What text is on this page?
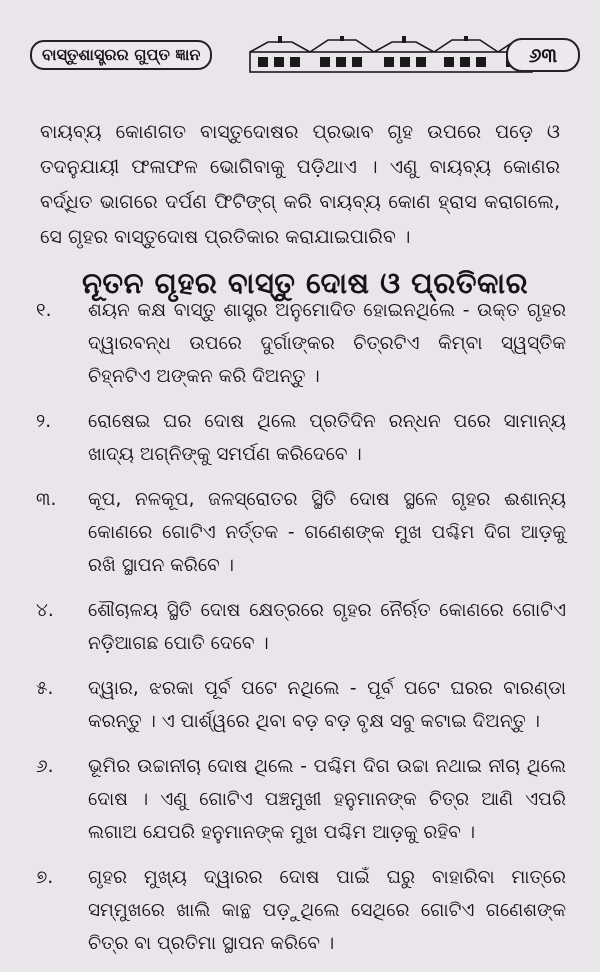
ବାସ୍ତୁଶାସ୍ତ୍ରର ଗୁପ୍ତ ଜ୍ଞାନ	୬୩

ବାୟବ୍ୟ କୋଣଗତ ବାସ୍ତୁଦୋଷର ପ୍ରଭାବ ଗୃହ ଉପରେ ପଡ଼େ ଓ ତଦନୁଯାୟୀ ଫଳାଫଳ ଭୋଗିବାକୁ ପଡ଼ିଥାଏ । ଏଣୁ ବାୟବ୍ୟ କୋଣର ବର୍ଦ୍ଧିତ ଭାଗରେ ଦର୍ପଣ ଫିଟିଙ୍ଗ୍ କରି ବାୟବ୍ୟ କୋଣ ହ୍ରାସ କରାଗଲେ, ସେ ଗୃହର ବାସ୍ତୁଦୋଷ ପ୍ରତିକାର କରାଯାଇପାରିବ ।

ନୂତନ ଗୃହର ବାସ୍ତୁ ଦୋଷ ଓ ପ୍ରତିକାର
୧.	ଶୟନ କକ୍ଷ ବାସ୍ତୁ ଶାସ୍ତ୍ର ଅନୁମୋଦିତ ହୋଇନଥିଲେ - ଉକ୍ତ ଗୃହର ଦ୍ୱାରବନ୍ଧ ଉପରେ ଦୁର୍ଗାଙ୍କର ଚିତ୍ରଟିଏ କିମ୍ବା ସ୍ୱସ୍ତିକ ଚିହ୍ନଟିଏ ଅଙ୍କନ କରି ଦିଅନ୍ତୁ ।
୨.	ରୋଷେଇ ଘର ଦୋଷ ଥିଲେ ପ୍ରତିଦିନ ରନ୍ଧନ ପରେ ସାମାନ୍ୟ ଖାଦ୍ୟ ଅଗ୍ନିଙ୍କୁ ସମର୍ପଣ କରିଦେବେ ।
୩.	କୂପ, ନଳକୂପ, ଜଳସ୍ରୋତର ସ୍ଥିତି ଦୋଷ ସ୍ଥଳେ ଗୃହର ଈଶାନ୍ୟ କୋଣରେ ଗୋଟିଏ ନର୍ତ୍ତକ - ଗଣେଶଙ୍କ ମୁଖ ପଶ୍ଚିମ ଦିଗ ଆଡ଼କୁ ରଖି ସ୍ଥାପନ କରିବେ ।
୪.	ଶୌଚାଳୟ ସ୍ଥିତି ଦୋଷ କ୍ଷେତ୍ରରେ ଗୃହର ନୈର୍ଋତ କୋଣରେ ଗୋଟିଏ ନଡ଼ିଆଗଛ ପୋତି ଦେବେ ।
୫.	ଦ୍ୱାର, ଝରକା ପୂର୍ବ ପଟେ ନଥିଲେ - ପୂର୍ବ ପଟେ ଘରର ବାରଣ୍ଡା କରନ୍ତୁ । ଏ ପାର୍ଶ୍ୱରେ ଥିବା ବଡ଼ ବଡ଼ ବୃକ୍ଷ ସବୁ କଟାଇ ଦିଅନ୍ତୁ ।
୬.	ଭୂମିର ଉଚ୍ଚାନୀଚା ଦୋଷ ଥିଲେ - ପଶ୍ଚିମ ଦିଗ ଉଚ୍ଚା ନଥାଇ ନୀଚା ଥିଲେ ଦୋଷ । ଏଣୁ ଗୋଟିଏ ପଞ୍ଚମୁଖୀ ହନୁମାନଙ୍କ ଚିତ୍ର ଆଣି ଏପରି ଲଗାଅ ଯେପରି ହନୁମାନଙ୍କ ମୁଖ ପଶ୍ଚିମ ଆଡ଼କୁ ରହିବ ।
୭.	ଗୃହର ମୁଖ୍ୟ ଦ୍ୱାରର ଦୋଷ ପାଇଁ ଘରୁ ବାହାରିବା ମାତ୍ରେ ସମ୍ମୁଖରେ ଖାଲି କାନ୍ଥ ପଡ଼ୁଥିଲେ ସେଥିରେ ଗୋଟିଏ ଗଣେଶଙ୍କ ଚିତ୍ର ବା ପ୍ରତିମା ସ୍ଥାପନ କରିବେ ।
